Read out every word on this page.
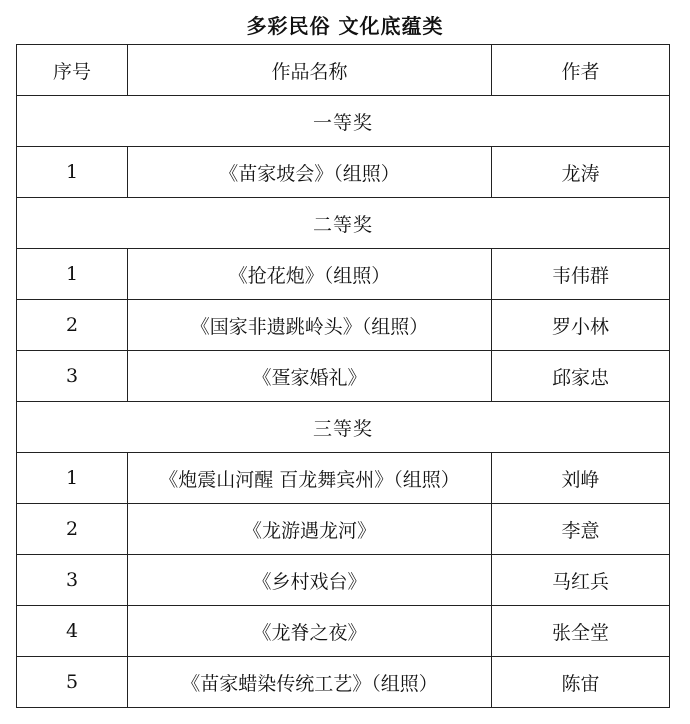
多彩民俗 文化底蕴类
序号	作品名称	作者
一等奖		
1	《苗家坡会》（组照）	龙涛
二等奖		
1	《抢花炮》（组照）	韦伟群
2	《国家非遗跳岭头》（组照）	罗小林
3	《疍家婚礼》	邱家忠
三等奖		
1	《炮震山河醒 百龙舞宾州》（组照）	刘峥
2	《龙游遇龙河》	李意
3	《乡村戏台》	马红兵
4	《龙脊之夜》	张全堂
5	《苗家蜡染传统工艺》（组照）	陈宙
